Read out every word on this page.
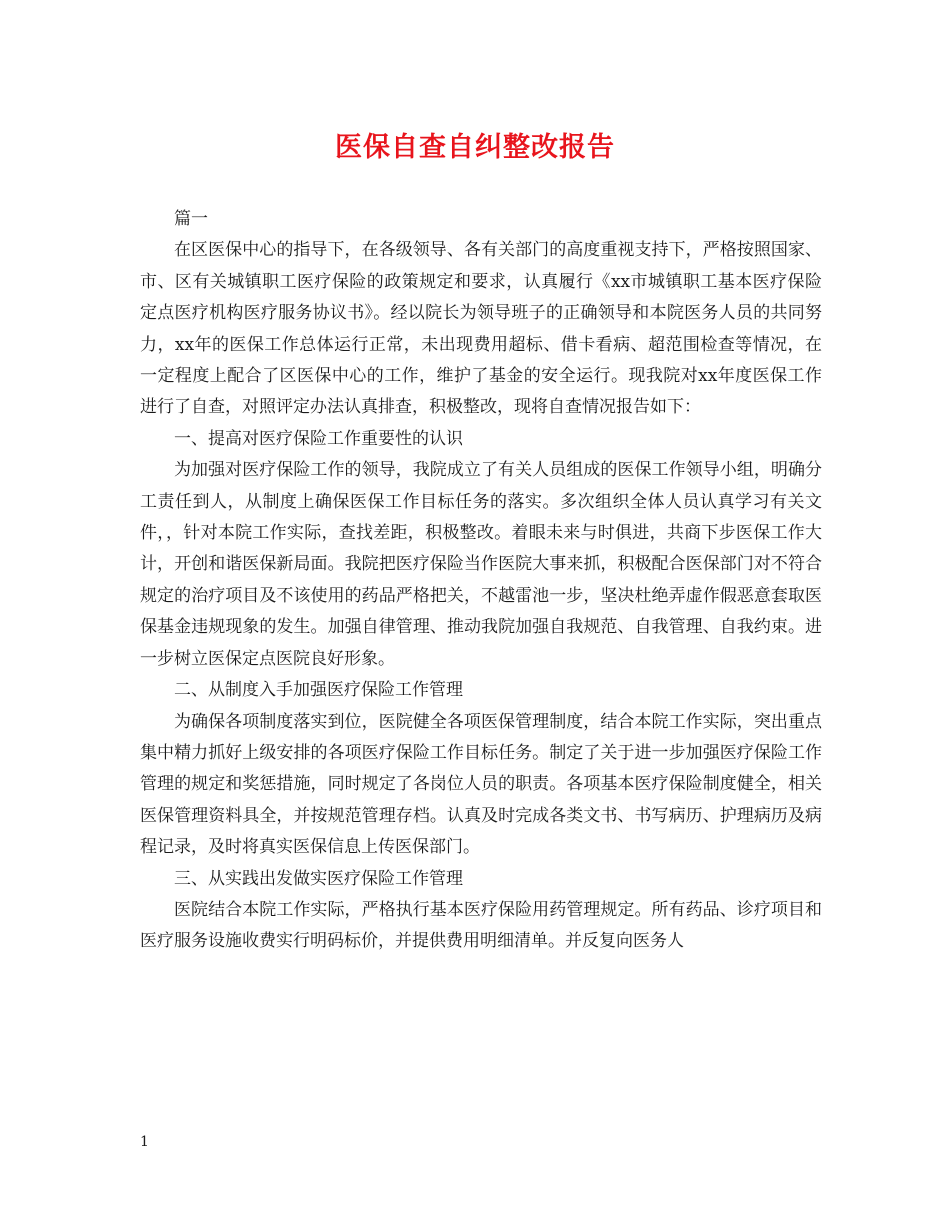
医保自查自纠整改报告

篇一

在区医保中心的指导下，在各级领导、各有关部门的高度重视支持下，严格按照国家、市、区有关城镇职工医疗保险的政策规定和要求，认真履行《xx市城镇职工基本医疗保险定点医疗机构医疗服务协议书》。经以院长为领导班子的正确领导和本院医务人员的共同努力，xx年的医保工作总体运行正常，未出现费用超标、借卡看病、超范围检查等情况，在一定程度上配合了区医保中心的工作，维护了基金的安全运行。现我院对xx年度医保工作进行了自查，对照评定办法认真排查，积极整改，现将自查情况报告如下：

一、提高对医疗保险工作重要性的认识

为加强对医疗保险工作的领导，我院成立了有关人员组成的医保工作领导小组，明确分工责任到人，从制度上确保医保工作目标任务的落实。多次组织全体人员认真学习有关文件，，针对本院工作实际，查找差距，积极整改。着眼未来与时俱进，共商下步医保工作大计，开创和谐医保新局面。我院把医疗保险当作医院大事来抓，积极配合医保部门对不符合规定的治疗项目及不该使用的药品严格把关，不越雷池一步，坚决杜绝弄虚作假恶意套取医保基金违规现象的发生。加强自律管理、推动我院加强自我规范、自我管理、自我约束。进一步树立医保定点医院良好形象。

二、从制度入手加强医疗保险工作管理

为确保各项制度落实到位，医院健全各项医保管理制度，结合本院工作实际，突出重点集中精力抓好上级安排的各项医疗保险工作目标任务。制定了关于进一步加强医疗保险工作管理的规定和奖惩措施，同时规定了各岗位人员的职责。各项基本医疗保险制度健全，相关医保管理资料具全，并按规范管理存档。认真及时完成各类文书、书写病历、护理病历及病程记录，及时将真实医保信息上传医保部门。

三、从实践出发做实医疗保险工作管理

医院结合本院工作实际，严格执行基本医疗保险用药管理规定。所有药品、诊疗项目和医疗服务设施收费实行明码标价，并提供费用明细清单。并反复向医务人

1
